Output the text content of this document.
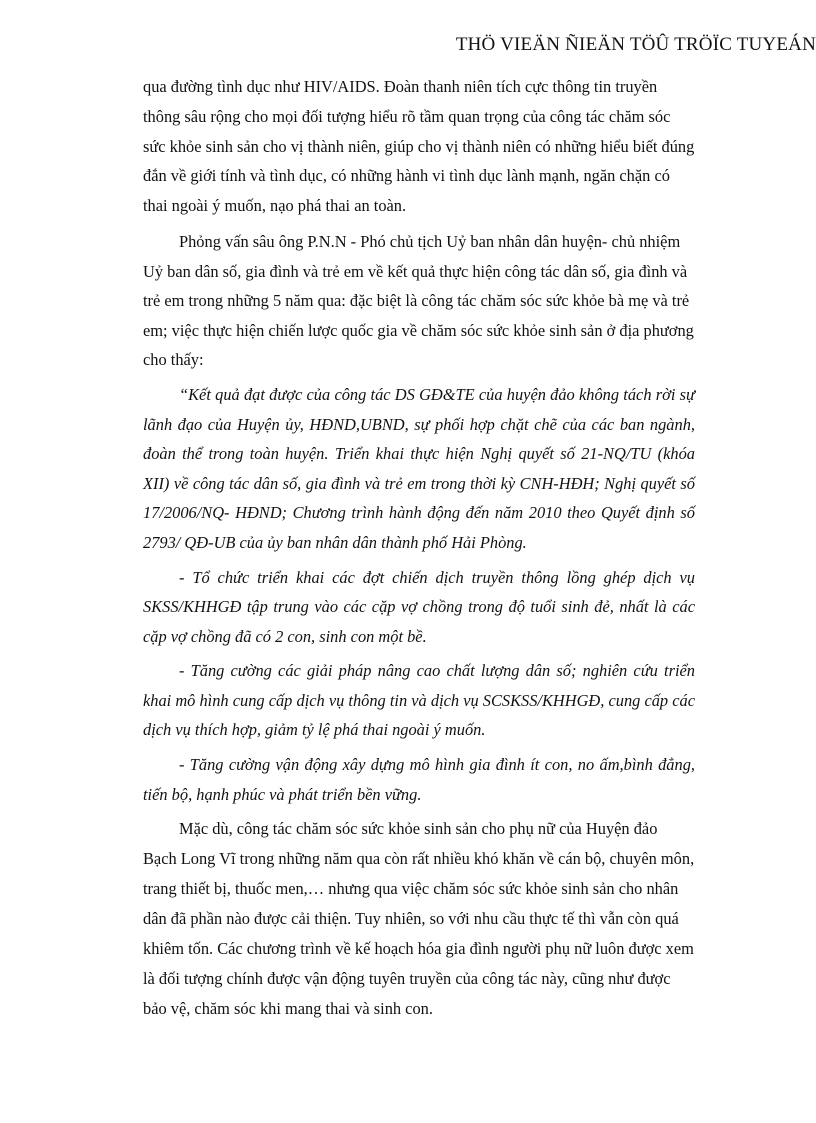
THÖ VIEÄN ÑIEÄN TÖÛ TRÖÏC TUYEÁN

qua đường tình dục như HIV/AIDS. Đoàn thanh niên tích cực thông tin truyền thông sâu rộng cho mọi đối tượng hiểu rõ tầm quan trọng của công tác chăm sóc sức khỏe sinh sản cho vị thành niên, giúp cho vị thành niên có những hiểu biết đúng đắn về giới tính và tình dục, có những hành vi tình dục lành mạnh, ngăn chặn có thai ngoài ý muốn, nạo phá thai an toàn.

Phỏng vấn sâu ông P.N.N - Phó chủ tịch Uỷ ban nhân dân huyện- chủ nhiệm Uỷ ban dân số, gia đình và trẻ em về kết quả thực hiện công tác dân số, gia đình và trẻ em trong những 5 năm qua: đặc biệt là công tác chăm sóc sức khỏe bà mẹ và trẻ em; việc thực hiện chiến lược quốc gia về chăm sóc sức khỏe sinh sản ở địa phương cho thấy:

“Kết quả đạt được của công tác DS GĐ&TE của huyện đảo không tách rời sự lãnh đạo của Huyện ủy, HĐND,UBND, sự phối hợp chặt chẽ của các ban ngành, đoàn thể trong toàn huyện. Triển khai thực hiện Nghị quyết số 21-NQ/TU (khóa XII) về công tác dân số, gia đình và trẻ em trong thời kỳ CNH-HĐH; Nghị quyết số 17/2006/NQ- HĐND; Chương trình hành động đến năm 2010 theo Quyết định số 2793/ QĐ-UB của ủy ban nhân dân thành phố Hải Phòng.

- Tổ chức triển khai các đợt chiến dịch truyền thông lồng ghép dịch vụ SKSS/KHHGĐ tập trung vào các cặp vợ chồng trong độ tuổi sinh đẻ, nhất là các cặp vợ chồng đã có 2 con, sinh con một bề.

- Tăng cường các giải pháp nâng cao chất lượng dân số; nghiên cứu triển khai mô hình cung cấp dịch vụ thông tin và dịch vụ SCSKSS/KHHGĐ, cung cấp các dịch vụ thích hợp, giảm tỷ lệ phá thai ngoài ý muốn.

- Tăng cường vận động xây dựng mô hình gia đình ít con, no ấm,bình đẳng, tiến bộ, hạnh phúc và phát triển bền vững.

Mặc dù, công tác chăm sóc sức khỏe sinh sản cho phụ nữ của Huyện đảo Bạch Long Vĩ trong những năm qua còn rất nhiều khó khăn về cán bộ, chuyên môn, trang thiết bị, thuốc men,… nhưng qua việc chăm sóc sức khỏe sinh sản cho nhân dân đã phần nào được cải thiện. Tuy nhiên, so với nhu cầu thực tế thì vẫn còn quá khiêm tốn. Các chương trình về kế hoạch hóa gia đình người phụ nữ luôn được xem là đối tượng chính được vận động tuyên truyền của công tác này, cũng như được bảo vệ, chăm sóc khi mang thai và sinh con.
